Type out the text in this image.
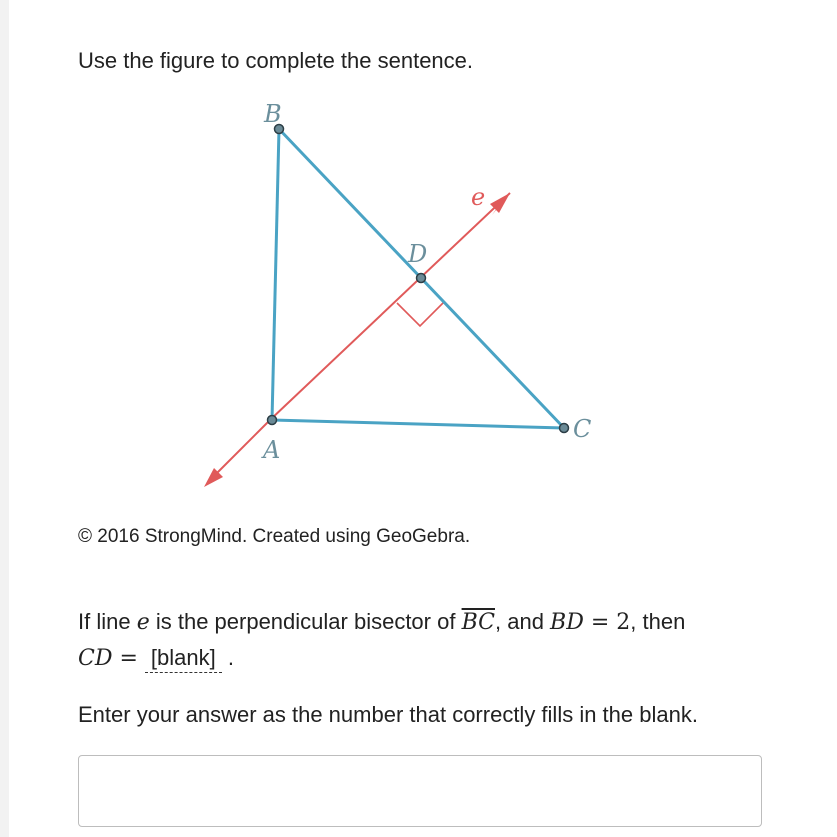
Use the figure to complete the sentence.

B
D
e
A
C
© 2016 StrongMind. Created using GeoGebra.
If line e is the perpendicular bisector of $\overline{BC}$, and BD = 2, then
CD = [blank] .
Enter your answer as the number that correctly fills in the blank.
